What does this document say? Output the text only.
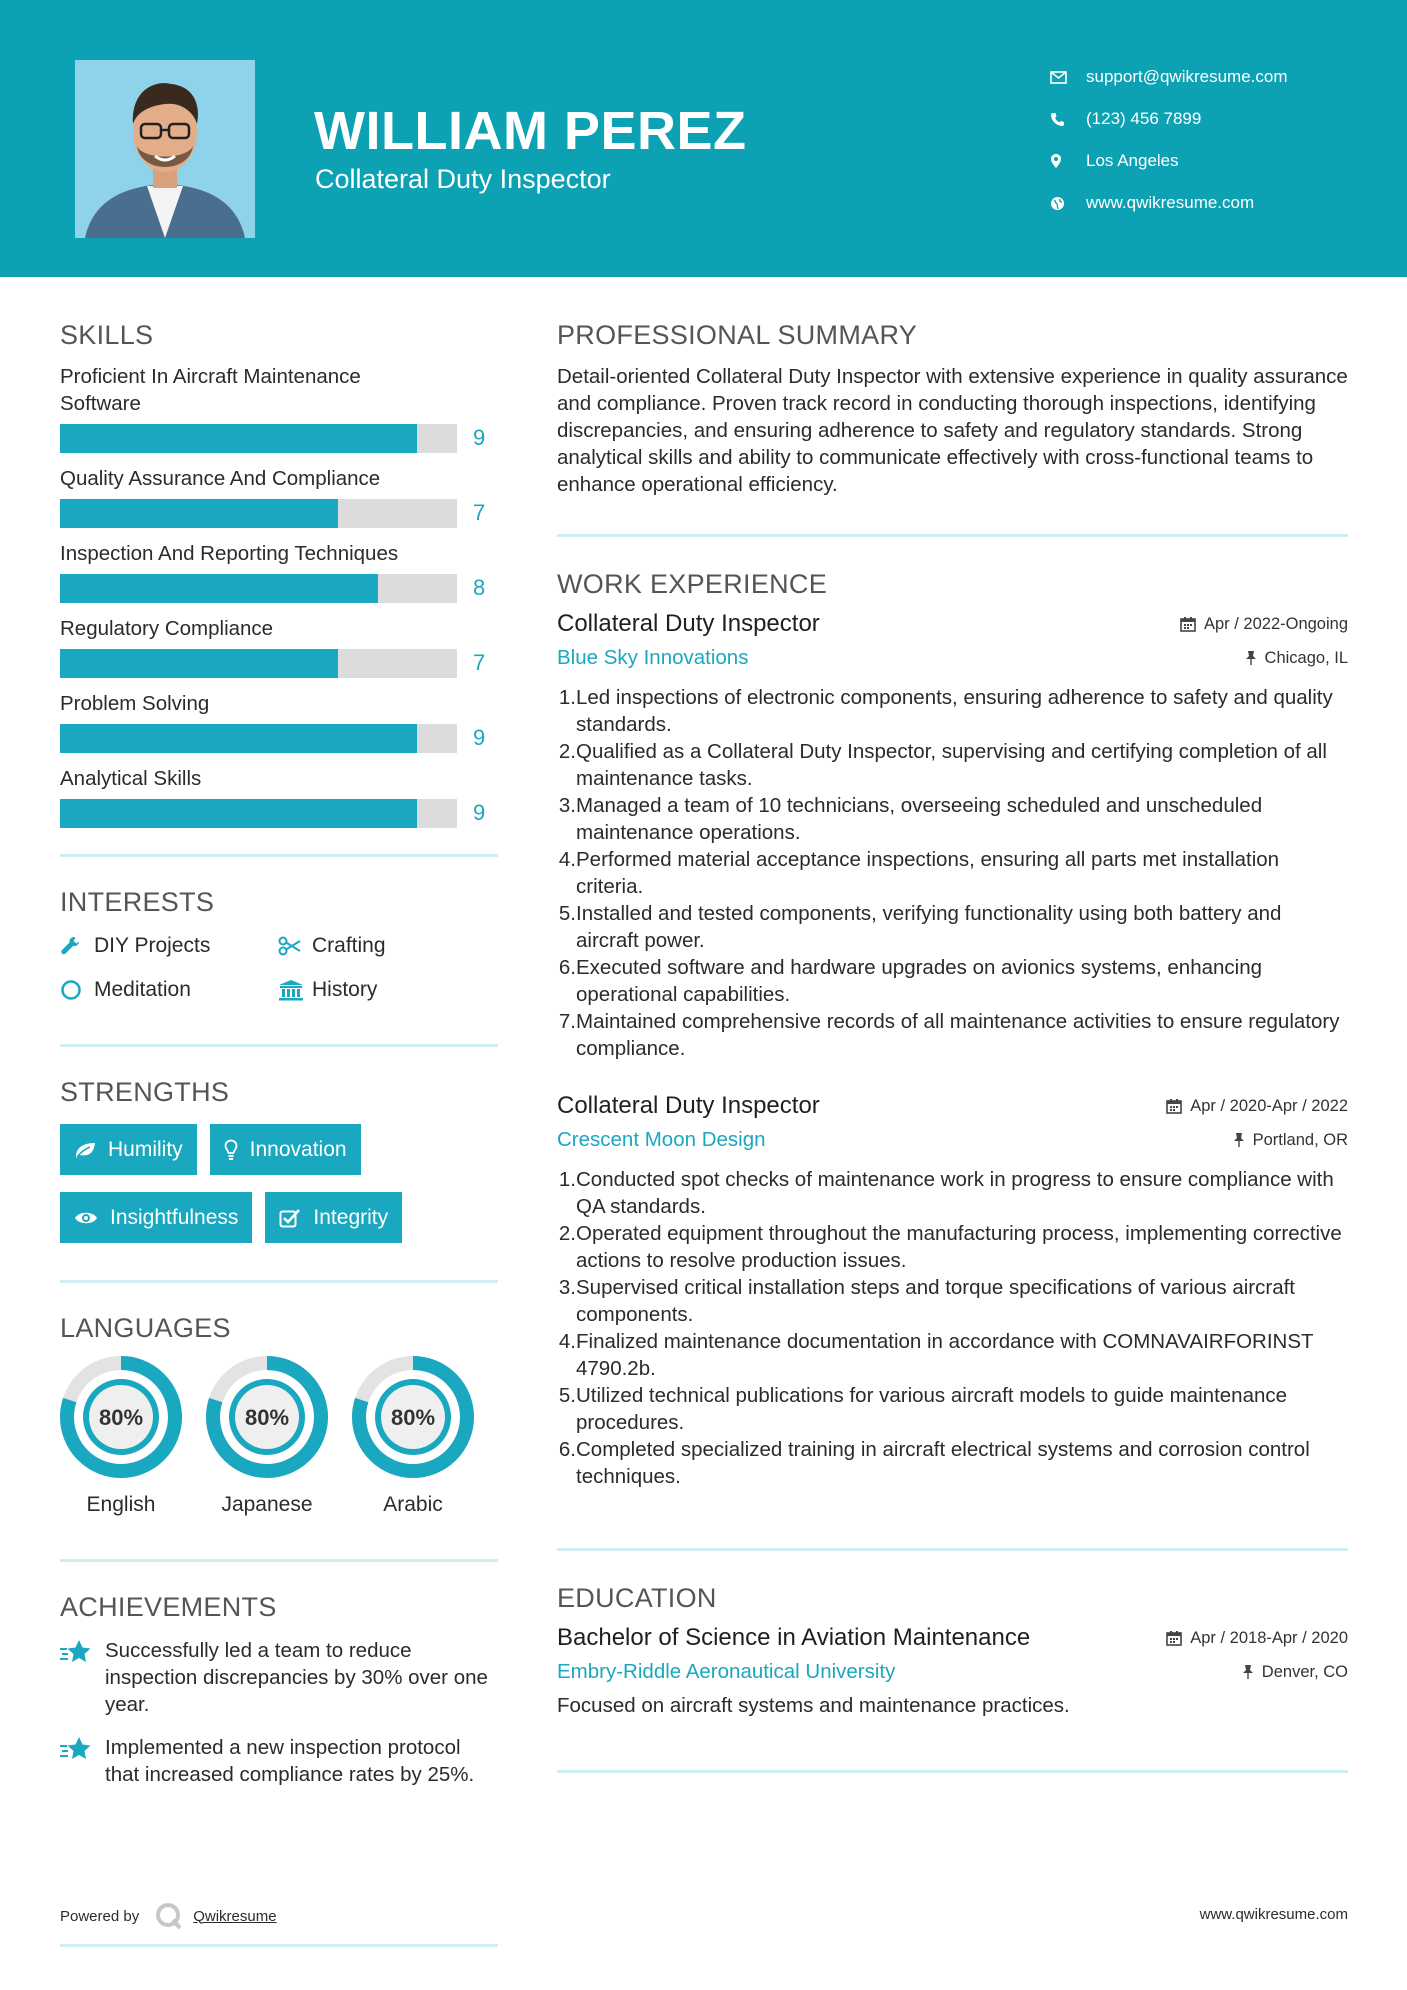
WILLIAM PEREZ
Collateral Duty Inspector
support@qwikresume.com
(123) 456 7899
Los Angeles
www.qwikresume.com
SKILLS
Proficient In Aircraft Maintenance Software
9
Quality Assurance And Compliance
7
Inspection And Reporting Techniques
8
Regulatory Compliance
7
Problem Solving
9
Analytical Skills
9
INTERESTS
DIY Projects	Crafting
Meditation	History
STRENGTHS
Humility	Innovation
Insightfulness	Integrity
LANGUAGES
80%
English
80%
Japanese
80%
Arabic
ACHIEVEMENTS
Successfully led a team to reduce inspection discrepancies by 30% over one year.
Implemented a new inspection protocol that increased compliance rates by 25%.
PROFESSIONAL SUMMARY
Detail-oriented Collateral Duty Inspector with extensive experience in quality assurance and compliance. Proven track record in conducting thorough inspections, identifying discrepancies, and ensuring adherence to safety and regulatory standards. Strong analytical skills and ability to communicate effectively with cross-functional teams to enhance operational efficiency.
WORK EXPERIENCE
Collateral Duty Inspector	Apr / 2022-Ongoing
Blue Sky Innovations	Chicago, IL
1. Led inspections of electronic components, ensuring adherence to safety and quality standards.
2. Qualified as a Collateral Duty Inspector, supervising and certifying completion of all maintenance tasks.
3. Managed a team of 10 technicians, overseeing scheduled and unscheduled maintenance operations.
4. Performed material acceptance inspections, ensuring all parts met installation criteria.
5. Installed and tested components, verifying functionality using both battery and aircraft power.
6. Executed software and hardware upgrades on avionics systems, enhancing operational capabilities.
7. Maintained comprehensive records of all maintenance activities to ensure regulatory compliance.
Collateral Duty Inspector	Apr / 2020-Apr / 2022
Crescent Moon Design	Portland, OR
1. Conducted spot checks of maintenance work in progress to ensure compliance with QA standards.
2. Operated equipment throughout the manufacturing process, implementing corrective actions to resolve production issues.
3. Supervised critical installation steps and torque specifications of various aircraft components.
4. Finalized maintenance documentation in accordance with COMNAVAIRFORINST 4790.2b.
5. Utilized technical publications for various aircraft models to guide maintenance procedures.
6. Completed specialized training in aircraft electrical systems and corrosion control techniques.
EDUCATION
Bachelor of Science in Aviation Maintenance	Apr / 2018-Apr / 2020
Embry-Riddle Aeronautical University	Denver, CO
Focused on aircraft systems and maintenance practices.
Powered by	Qwikresume	www.qwikresume.com
